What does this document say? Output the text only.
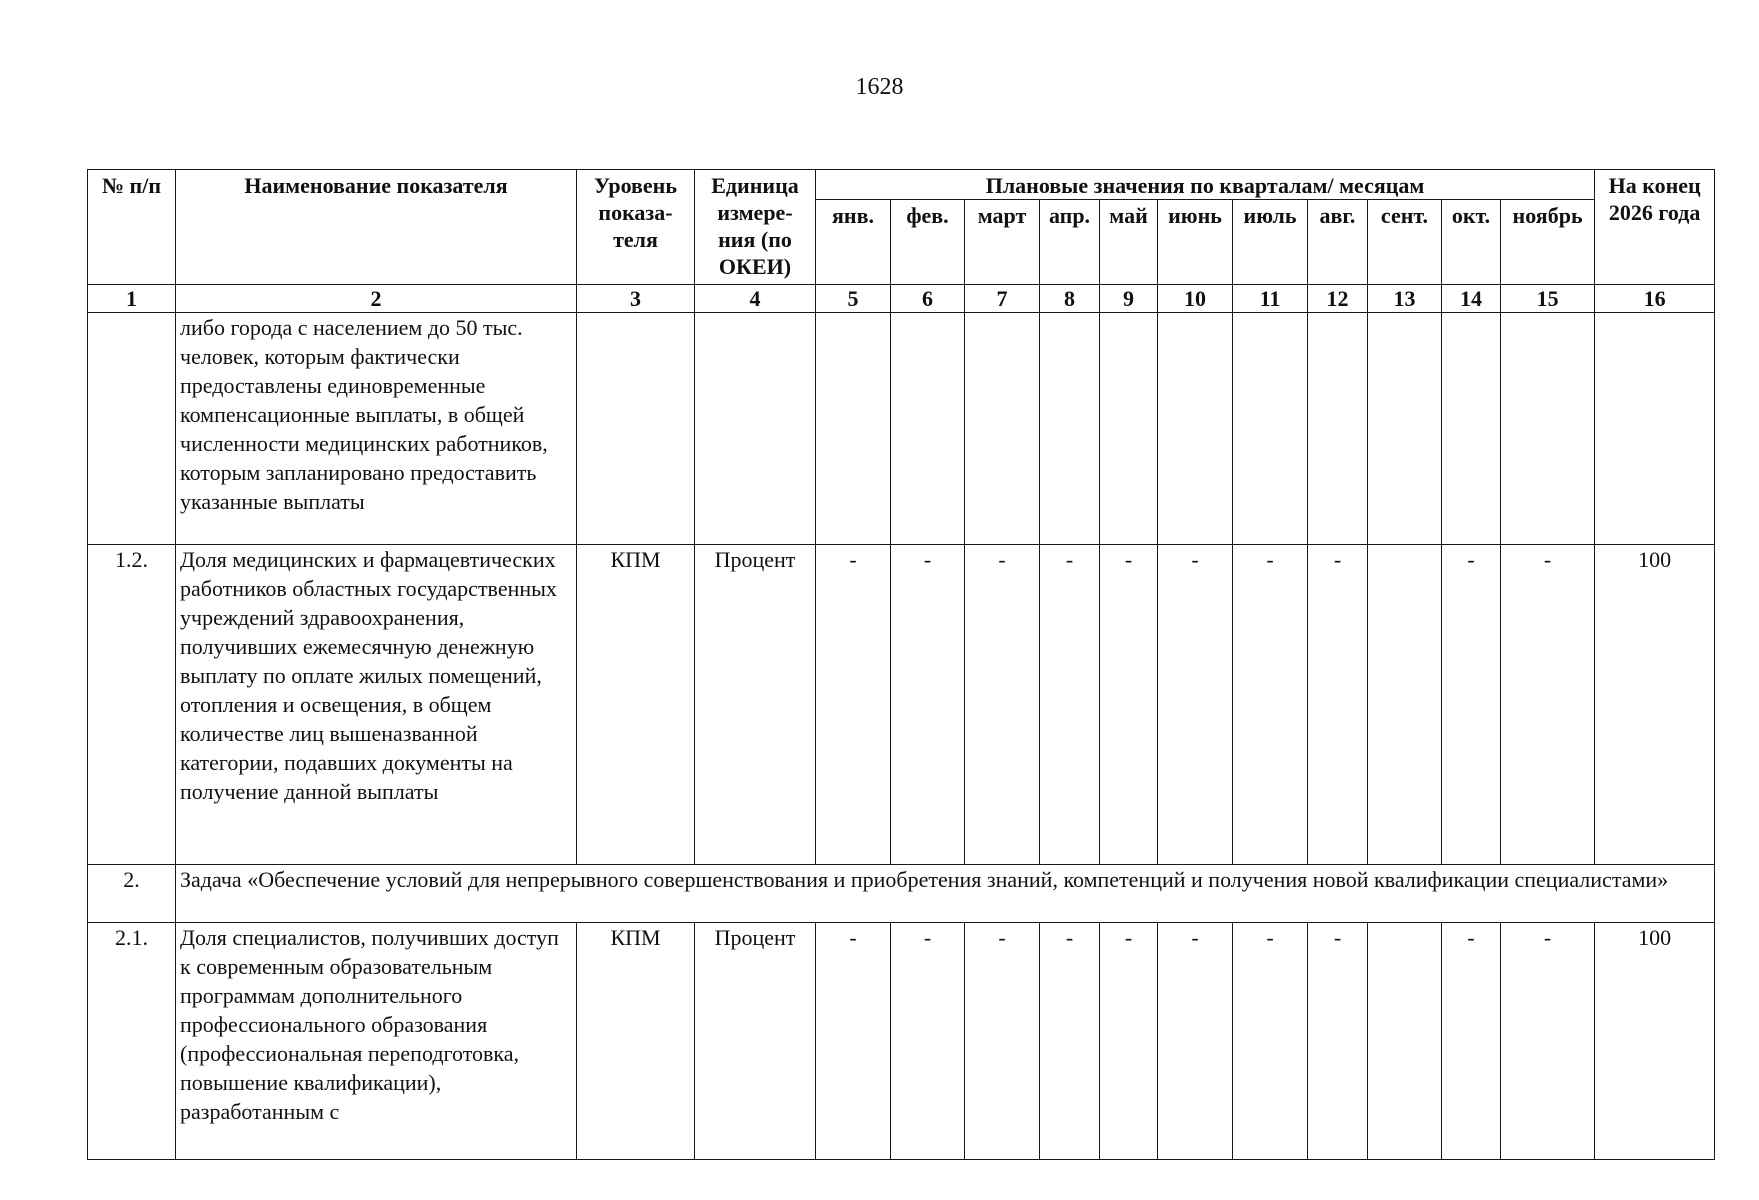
1628
№ п/п	Наименование показателя	Уровень показа-теля	Единица измере-ния (по ОКЕИ)	Плановые значения по кварталам/ месяцам											На конец 2026 года
				янв.	фев.	март	апр.	май	июнь	июль	авг.	сент.	окт.	ноябрь	
1	2	3	4	5	6	7	8	9	10	11	12	13	14	15	16
	либо города с населением до 50 тыс. человек, которым фактически предоставлены единовременные компенсационные выплаты, в общей численности медицинских работников, которым запланировано предоставить указанные выплаты														
1.2.	Доля медицинских и фармацевтических работников областных государственных учреждений здравоохранения, получивших ежемесячную денежную выплату по оплате жилых помещений, отопления и освещения, в общем количестве лиц вышеназванной категории, подавших документы на получение данной выплаты	КПМ	Процент	-	-	-	-	-	-	-	-		-	-	100
2.	Задача «Обеспечение условий для непрерывного совершенствования и приобретения знаний, компетенций и получения новой квалификации специалистами»														
2.1.	Доля специалистов, получивших доступ к современным образовательным программам дополнительного профессионального образования (профессиональная переподготовка, повышение квалификации), разработанным с	КПМ	Процент	-	-	-	-	-	-	-	-		-	-	100
